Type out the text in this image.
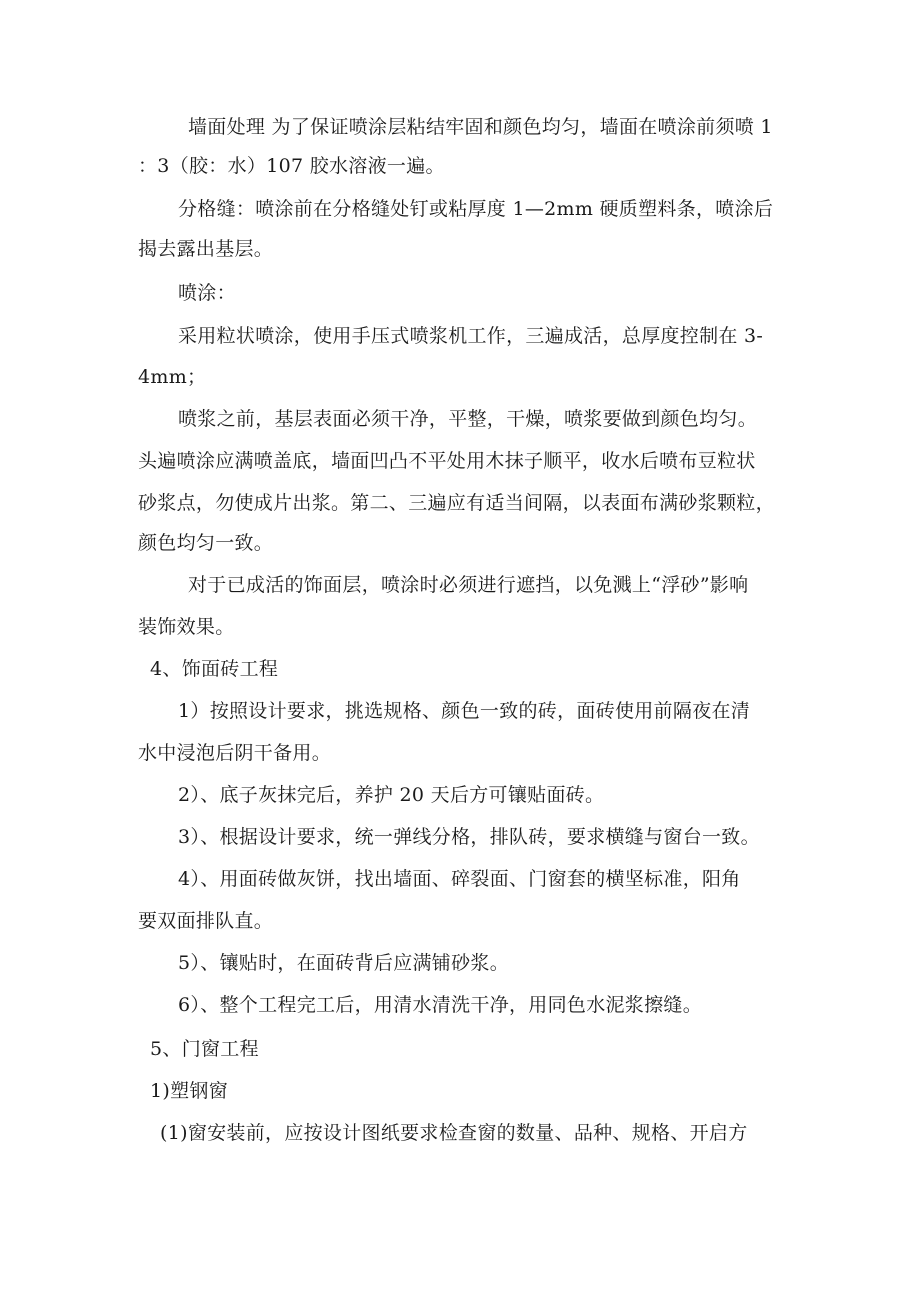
墙面处理 为了保证喷涂层粘结牢固和颜色均匀，墙面在喷涂前须喷 1
：3（胶：水）107 胶水溶液一遍。
分格缝：喷涂前在分格缝处钉或粘厚度 1—2mm 硬质塑料条，喷涂后
揭去露出基层。
喷涂：
采用粒状喷涂，使用手压式喷浆机工作，三遍成活，总厚度控制在 3-
4mm；
喷浆之前，基层表面必须干净，平整，干燥，喷浆要做到颜色均匀。
头遍喷涂应满喷盖底，墙面凹凸不平处用木抹子顺平，收水后喷布豆粒状
砂浆点，勿使成片出浆。第二、三遍应有适当间隔，以表面布满砂浆颗粒，
颜色均匀一致。
对于已成活的饰面层，喷涂时必须进行遮挡，以免溅上“浮砂”影响
装饰效果。
4、饰面砖工程
1）按照设计要求，挑选规格、颜色一致的砖，面砖使用前隔夜在清
水中浸泡后阴干备用。
2）、底子灰抹完后，养护 20 天后方可镶贴面砖。
3）、根据设计要求，统一弹线分格，排队砖，要求横缝与窗台一致。
4）、用面砖做灰饼，找出墙面、碎裂面、门窗套的横坚标准，阳角
要双面排队直。
5）、镶贴时，在面砖背后应满铺砂浆。
6）、整个工程完工后，用清水清洗干净，用同色水泥浆擦缝。
5、门窗工程
1)塑钢窗
(1)窗安装前，应按设计图纸要求检查窗的数量、品种、规格、开启方
